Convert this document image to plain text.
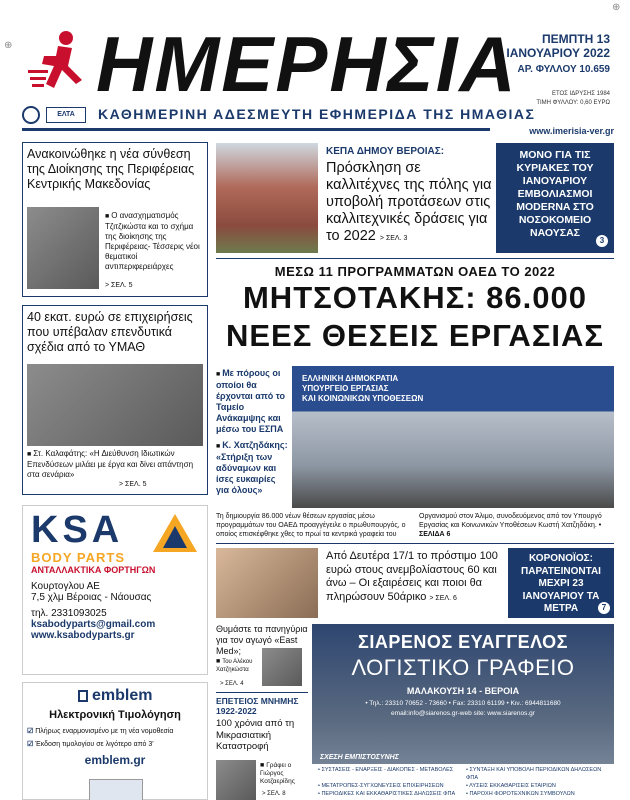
⊕
⊕
ΗΜΕΡΗΣΙΑ	ΠΕΜΠΤΗ 13
ΙΑΝΟΥΑΡΙΟΥ 2022
ΑΡ. ΦΥΛΛΟΥ 10.659
ΕΤΟΣ ΙΔΡΥΣΗΣ 1984
ΤΙΜΗ ΦΥΛΛΟΥ: 0,60 ΕΥΡΩ
ΕΛΤΑ	ΚΑΘΗΜΕΡΙΝΗ ΑΔΕΣΜΕΥΤΗ ΕΦΗΜΕΡΙΔΑ ΤΗΣ ΗΜΑΘΙΑΣ
www.imerisia-ver.gr
Ανακοινώθηκε η νέα σύνθεση της Διοίκησης της Περιφέρειας Κεντρικής Μακεδονίας
■ Ο ανασχηματισμός Τζιτζικώστα και το σχήμα της διοίκησης της Περιφέρειας- Τέσσερις νέοι θεματικοί αντιπεριφερειάρχες
> ΣΕΛ. 5
40 εκατ. ευρώ σε επιχειρήσεις που υπέβαλαν επενδυτικά σχέδια από το ΥΜΑΘ
■ Στ. Καλαφάτης: «Η Διεύθυνση Ιδιωτικών Επενδύσεων μιλάει με έργα και δίνει απάντηση στα σενάρια»
> ΣΕΛ. 5
KSA
BODY PARTS
ΑΝΤΑΛΛΑΚΤΙΚΑ ΦΟΡΤΗΓΩΝ
Κουρτογλου ΑΕ
7,5 χλμ Βέροιας - Νάουσας
τηλ. 2331093025
ksabodyparts@gmail.com
www.ksabodyparts.gr
emblem
Ηλεκτρονική Τιμολόγηση
☑ Πλήρως εναρμονισμένο με τη νέα νομοθεσία
☑ Έκδοση τιμολογίου σε λιγότερο από 3'
emblem.gr
ΚΕΠΑ ΔΗΜΟΥ ΒΕΡΟΙΑΣ:
Πρόσκληση σε καλλιτέχνες της πόλης για υποβολή προτάσεων στις καλλιτεχνικές δράσεις για το 2022 > ΣΕΛ. 3
ΜΟΝΟ ΓΙΑ ΤΙΣ ΚΥΡΙΑΚΕΣ ΤΟΥ ΙΑΝΟΥΑΡΙΟΥ ΕΜΒΟΛΙΑΣΜΟΙ MODERNA ΣΤΟ ΝΟΣΟΚΟΜΕΙΟ ΝΑΟΥΣΑΣ
3
ΜΕΣΩ 11 ΠΡΟΓΡΑΜΜΑΤΩΝ ΟΑΕΔ ΤΟ 2022
ΜΗΤΣΟΤΑΚΗΣ: 86.000
ΝΕΕΣ ΘΕΣΕΙΣ ΕΡΓΑΣΙΑΣ
■ Με πόρους οι οποίοι θα έρχονται από το Ταμείο Ανάκαμψης και μέσω του ΕΣΠΑ
■ Κ. Χατζηδάκης: «Στήριξη των αδύναμων και ίσες ευκαιρίες για όλους»
ΕΛΛΗΝΙΚΗ ΔΗΜΟΚΡΑΤΙΑ
ΥΠΟΥΡΓΕΙΟ ΕΡΓΑΣΙΑΣ
ΚΑΙ ΚΟΙΝΩΝΙΚΩΝ ΥΠΟΘΕΣΕΩΝ
Τη δημιουργία 86.000 νέων θέσεων εργασίας μέσω προγραμμάτων του ΟΑΕΔ προαγγέγειλε ο πρωθυπουργός, ο οποίος επισκέφθηκε χθες το πρωί τα κεντρικά γραφεία του Οργανισμού στον Άλιμο, συνοδευόμενος από τον Υπουργό Εργασίας και Κοινωνικών Υποθέσεων Κωστή Χατζηδάκη. • ΣΕΛΙΔΑ 6
Από Δευτέρα 17/1 το πρόστιμο 100 ευρώ στους ανεμβολίαστους 60 και άνω – Οι εξαιρέσεις και ποιοι θα πληρώσουν 50άρικο > ΣΕΛ. 6
ΚΟΡΟΝΟΪΟΣ: ΠΑΡΑΤΕΙΝΟΝΤΑΙ ΜΕΧΡΙ 23 ΙΑΝΟΥΑΡΙΟΥ ΤΑ ΜΕΤΡΑ	7
Θυμάστε τα πανηγύρια για τον αγωγό «East Med»;
■ Του Αλέκου Χατζηκώστα
> ΣΕΛ. 4
ΕΠΕΤΕΙΟΣ ΜΝΗΜΗΣ 1922-2022
100 χρόνια από τη Μικρασιατική Καταστροφή
■ Γράφει ο Γιώργος Κοτζαερίδης
> ΣΕΛ. 8
ΣΙΑΡΕΝΟΣ ΕΥΑΓΓΕΛΟΣ
ΛΟΓΙΣΤΙΚΟ ΓΡΑΦΕΙΟ
ΜΑΛΑΚΟΥΣΗ 14 - ΒΕΡΟΙΑ
• Τηλ.: 23310 70652 - 73660 • Fax: 23310 61199 • Κιν.: 6944811680
email:info@siarenos.gr-web site: www.siarenos.gr
ΣΧΕΣΗ ΕΜΠΙΣΤΟΣΥΝΗΣ
• ΣΥΣΤΑΣΕΙΣ - ΕΝΑΡΞΕΙΣ - ΔΙΑΚΟΠΕΣ - ΜΕΤΑΒΟΛΕΣ	• ΣΥΝΤΑΞΗ ΚΑΙ ΥΠΟΒΟΛΗ ΠΕΡΙΟΔΙΚΩΝ ΔΗΛΩΣΕΩΝ ΦΠΑ
• ΜΕΤΑΤΡΟΠΕΣ-ΣΥΓΧΩΝΕΥΣΕΙΣ ΕΠΙΧΕΙΡΗΣΕΩΝ	• ΛΥΣΕΙΣ ΕΚΚΑΘΑΡΙΣΕΙΣ ΕΤΑΙΡΙΩΝ
• ΠΕΡΙΟΔΙΚΕΣ ΚΑΙ ΕΚΚΑΘΑΡΙΣΤΙΚΕΣ ΔΗΛΩΣΕΙΣ ΦΠΑ	• ΠΑΡΟΧΗ ΦΟΡΟΤΕΧΝΙΚΩΝ ΣΥΜΒΟΥΛΩΝ
